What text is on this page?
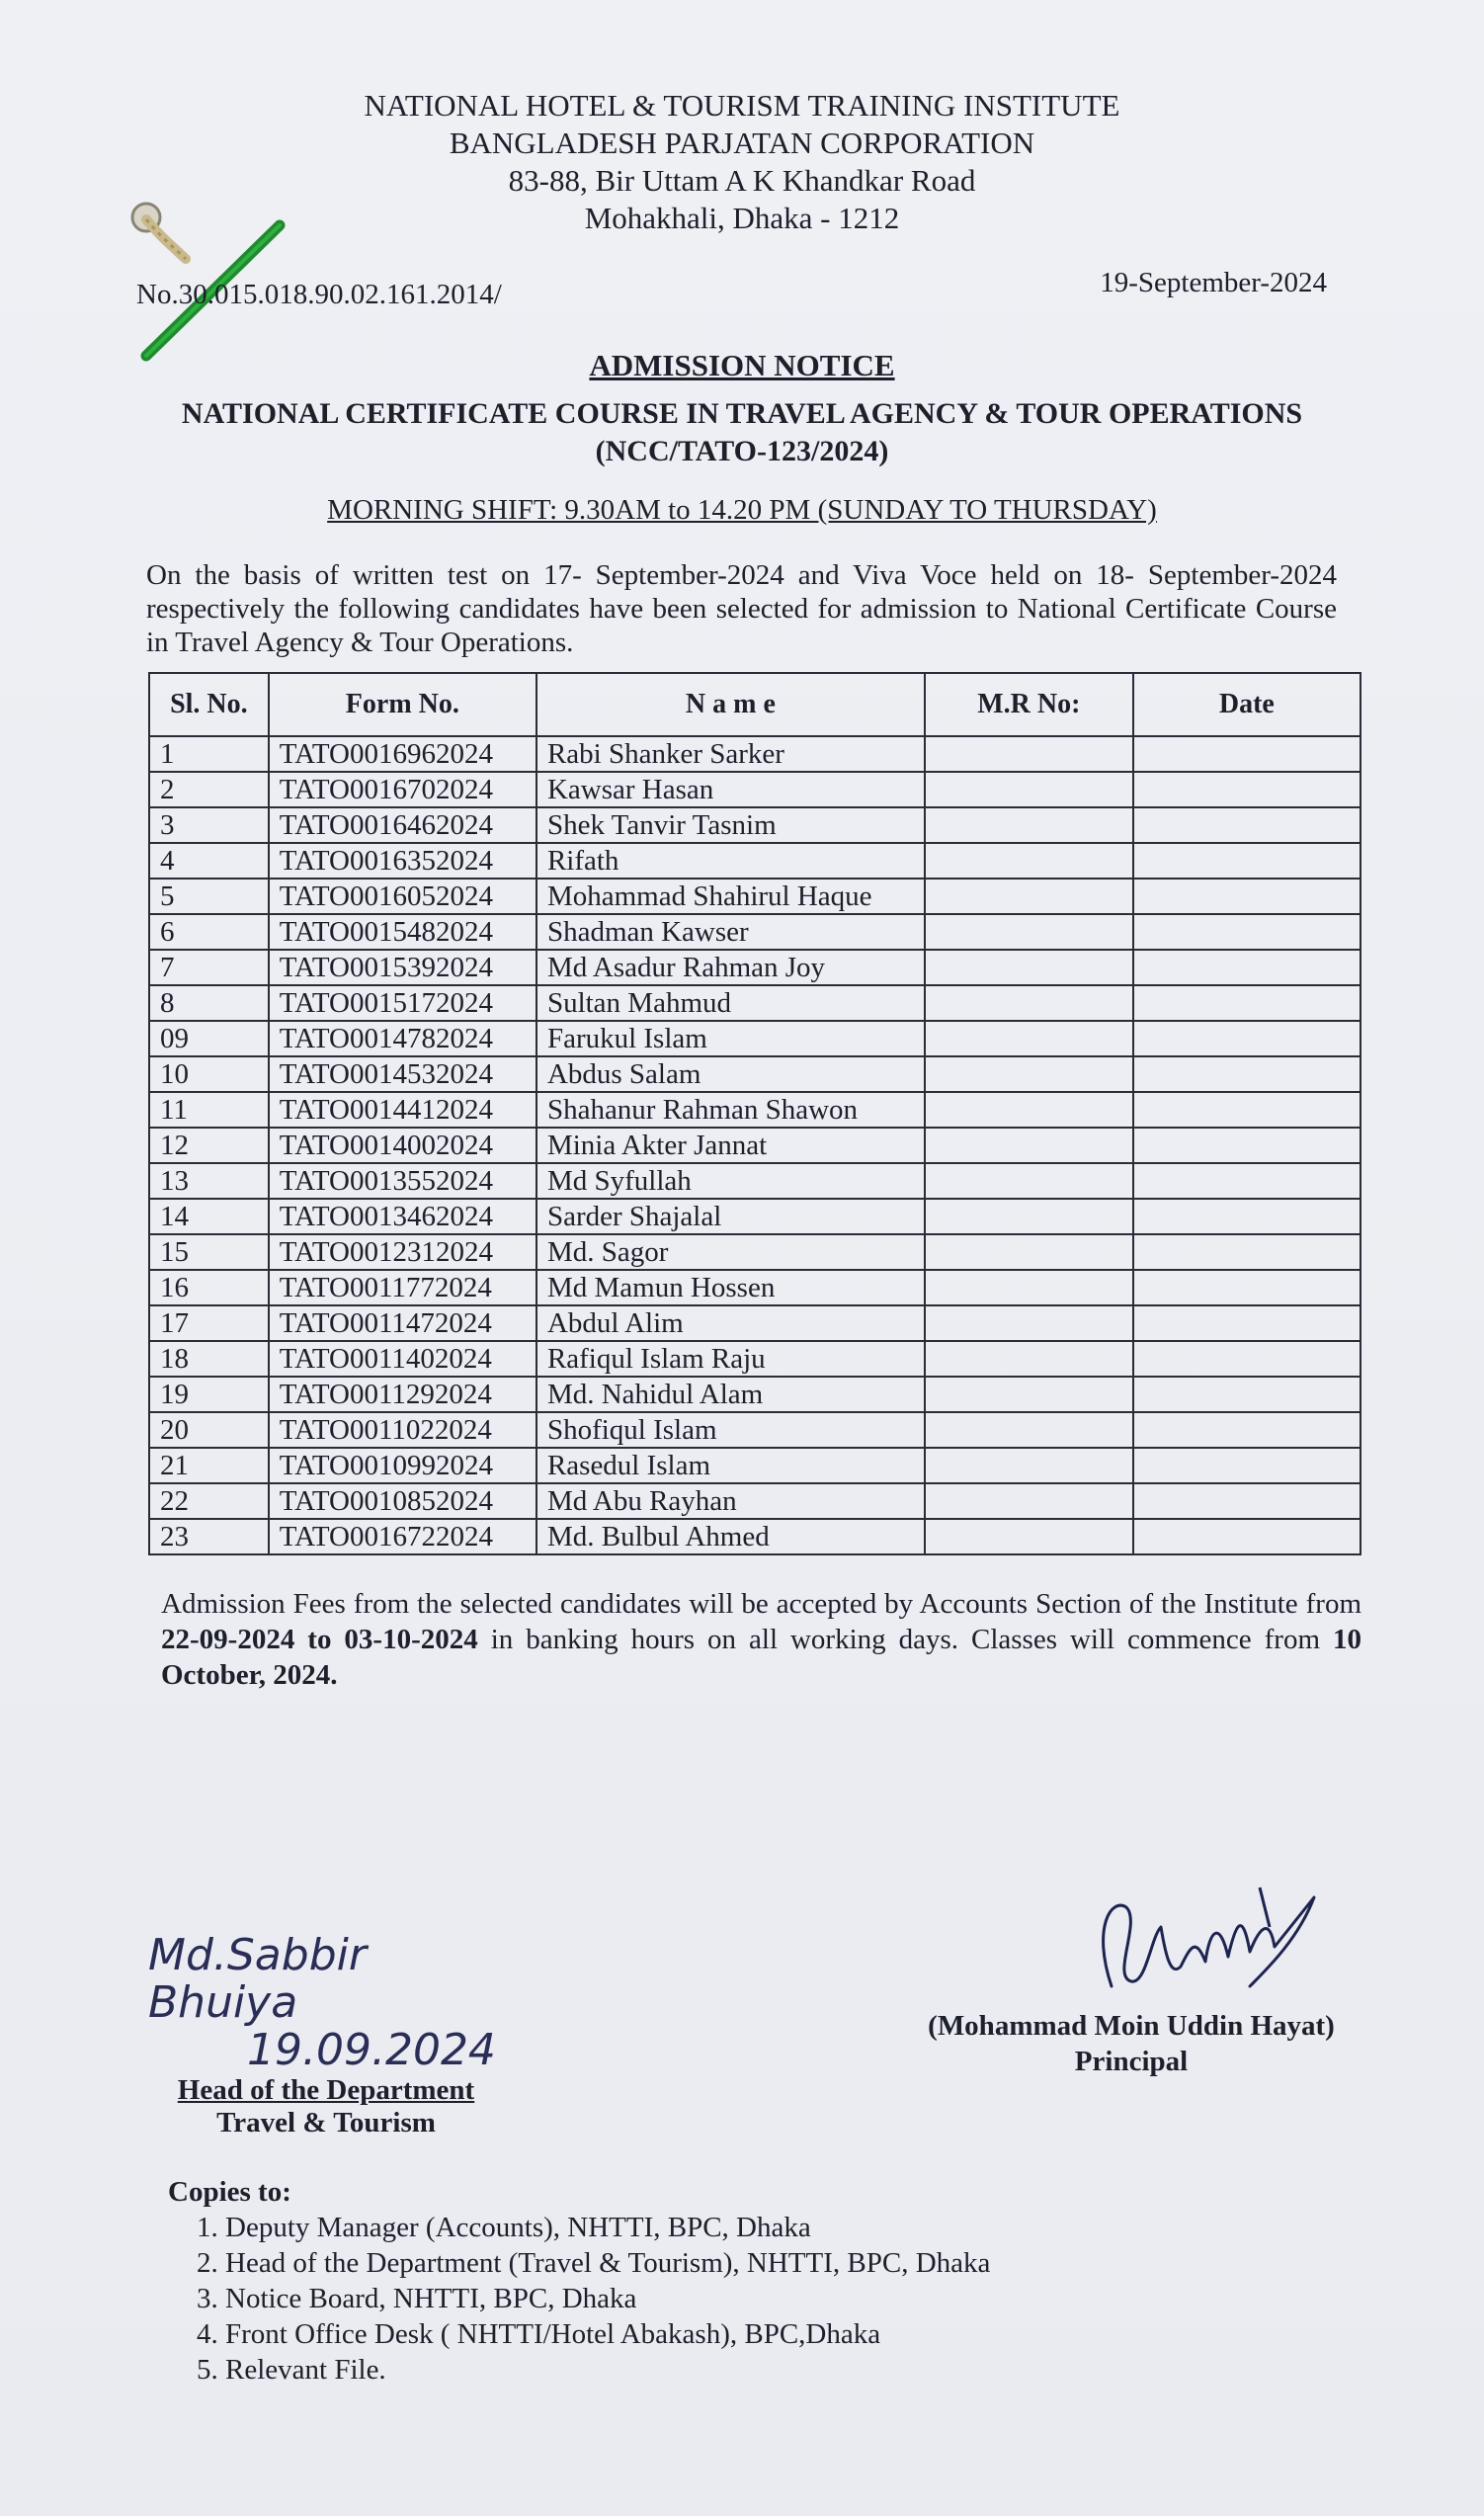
NATIONAL HOTEL & TOURISM TRAINING INSTITUTE
BANGLADESH PARJATAN CORPORATION
83-88, Bir Uttam A K Khandkar Road
Mohakhali, Dhaka - 1212
No.30.015.018.90.02.161.2014/	19-September-2024
ADMISSION NOTICE
NATIONAL CERTIFICATE COURSE IN TRAVEL AGENCY & TOUR OPERATIONS
(NCC/TATO-123/2024)
MORNING SHIFT: 9.30AM to 14.20 PM (SUNDAY TO THURSDAY)
On the basis of written test on 17- September-2024 and Viva Voce held on 18- September-2024 respectively the following candidates have been selected for admission to National Certificate Course in Travel Agency & Tour Operations.
Sl. No.	Form No.	N a m e	M.R No:	Date
1	TATO0016962024	Rabi Shanker Sarker		
2	TATO0016702024	Kawsar Hasan		
3	TATO0016462024	Shek Tanvir Tasnim		
4	TATO0016352024	Rifath		
5	TATO0016052024	Mohammad Shahirul Haque		
6	TATO0015482024	Shadman Kawser		
7	TATO0015392024	Md Asadur Rahman Joy		
8	TATO0015172024	Sultan Mahmud		
09	TATO0014782024	Farukul Islam		
10	TATO0014532024	Abdus Salam		
11	TATO0014412024	Shahanur Rahman Shawon		
12	TATO0014002024	Minia Akter Jannat		
13	TATO0013552024	Md Syfullah		
14	TATO0013462024	Sarder Shajalal		
15	TATO0012312024	Md. Sagor		
16	TATO0011772024	Md Mamun Hossen		
17	TATO0011472024	Abdul Alim		
18	TATO0011402024	Rafiqul Islam Raju		
19	TATO0011292024	Md. Nahidul Alam		
20	TATO0011022024	Shofiqul Islam		
21	TATO0010992024	Rasedul Islam		
22	TATO0010852024	Md Abu Rayhan		
23	TATO0016722024	Md. Bulbul Ahmed		
Admission Fees from the selected candidates will be accepted by Accounts Section of the Institute from 22-09-2024 to 03-10-2024 in banking hours on all working days. Classes will commence from 10 October, 2024.
Md.Sabbir Bhuiya
19.09.2024
Head of the Department
Travel & Tourism
(Mohammad Moin Uddin Hayat)
Principal
Copies to:
1. Deputy Manager (Accounts), NHTTI, BPC, Dhaka
2. Head of the Department (Travel & Tourism), NHTTI, BPC, Dhaka
3. Notice Board, NHTTI, BPC, Dhaka
4. Front Office Desk ( NHTTI/Hotel Abakash), BPC,Dhaka
5. Relevant File.
